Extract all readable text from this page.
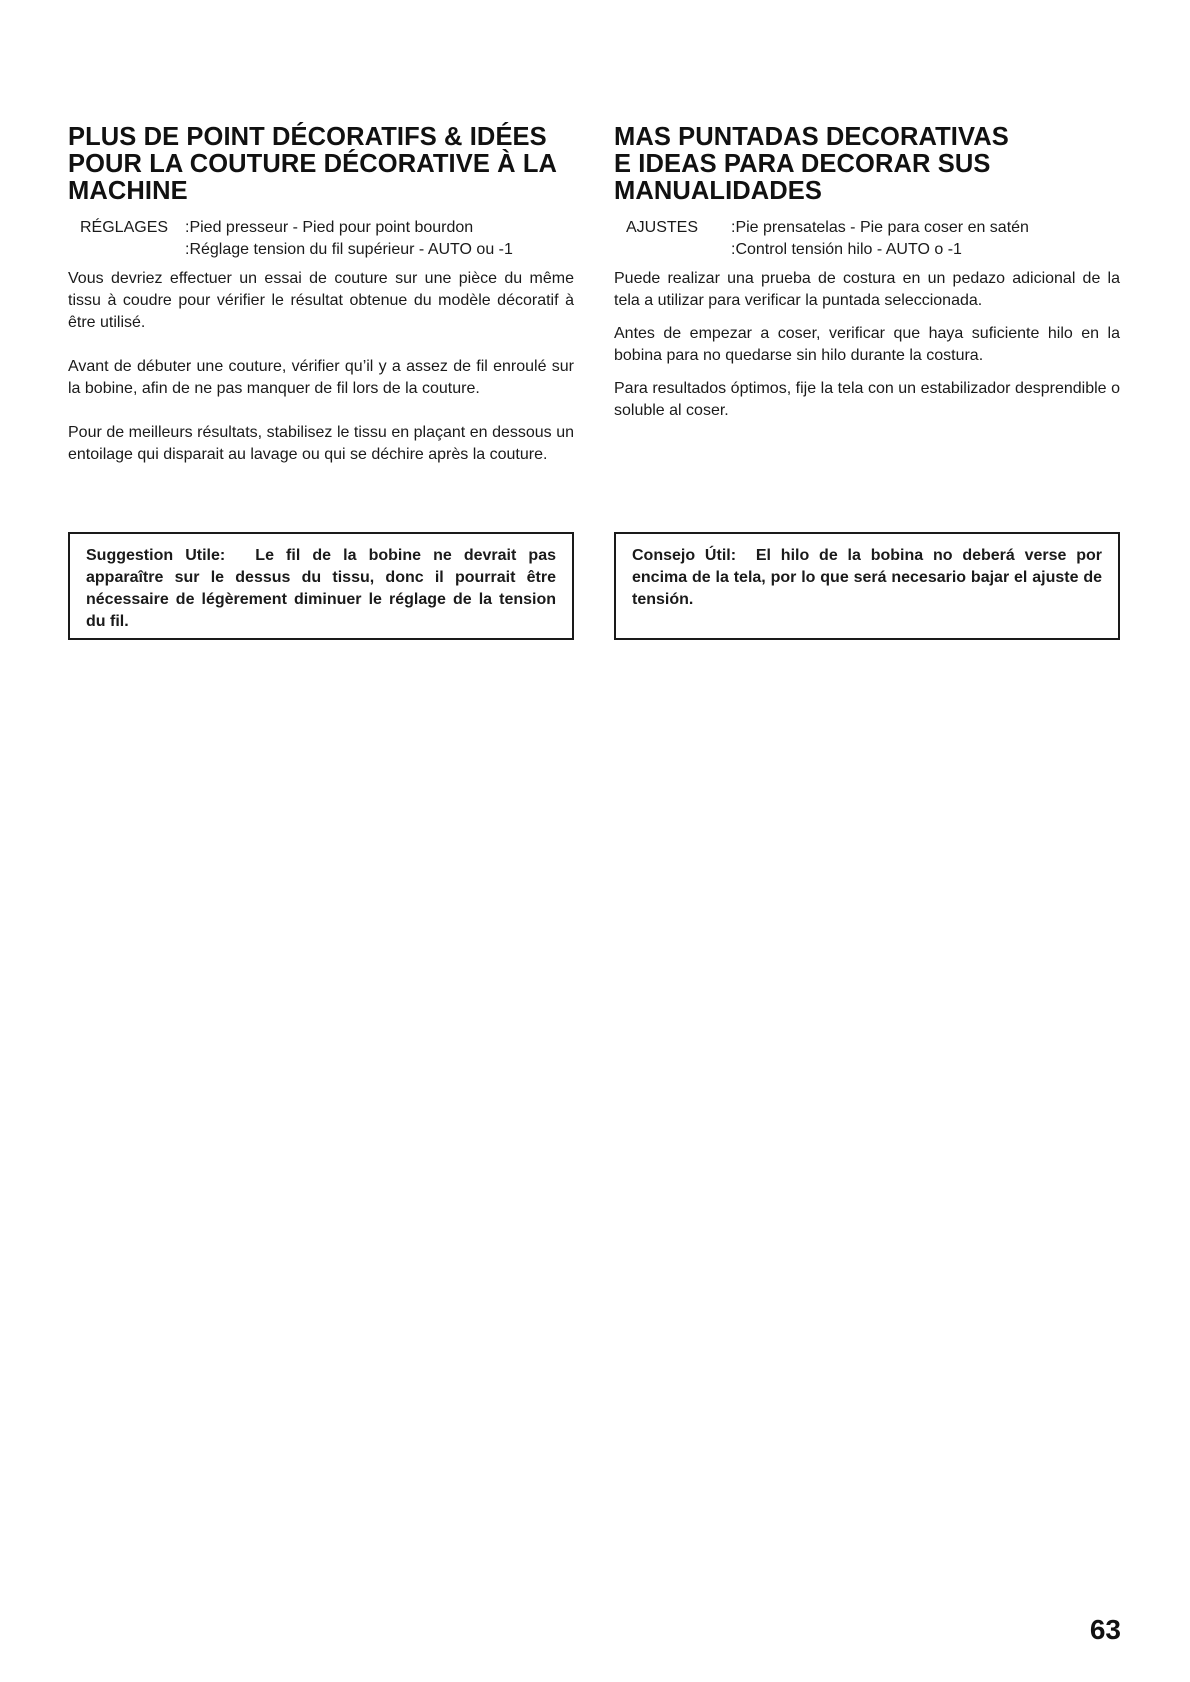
PLUS DE POINT DÉCORATIFS & IDÉES
POUR LA COUTURE DÉCORATIVE À LA
MACHINE
RÉGLAGES	:Pied presseur - Pied pour point bourdon
:Réglage tension du fil supérieur - AUTO ou -1

Vous devriez effectuer un essai de couture sur une pièce du même tissu à coudre pour vérifier le résultat obtenue du modèle décoratif à être utilisé.

Avant de débuter une couture, vérifier qu’il y a assez de fil enroulé sur la bobine, afin de ne pas manquer de fil lors de la couture.

Pour de meilleurs résultats, stabilisez le tissu en plaçant en dessous un entoilage qui disparait au lavage ou qui se déchire après la couture.

MAS PUNTADAS DECORATIVAS
E IDEAS PARA DECORAR SUS
MANUALIDADES
AJUSTES	:Pie prensatelas - Pie para coser en satén
:Control tensión hilo - AUTO o -1

Puede realizar una prueba de costura en un pedazo adicional de la tela a utilizar para verificar la puntada seleccionada.

Antes de empezar a coser, verificar que haya suficiente hilo en la bobina para no quedarse sin hilo durante la costura.

Para resultados óptimos, fije la tela con un estabilizador desprendible o soluble al coser.

Suggestion Utile: Le fil de la bobine ne devrait pas apparaître sur le dessus du tissu, donc il pourrait être nécessaire de légèrement diminuer le réglage de la tension du fil.
Consejo Útil: El hilo de la bobina no deberá verse por encima de la tela, por lo que será necesario bajar el ajuste de tensión.
63
